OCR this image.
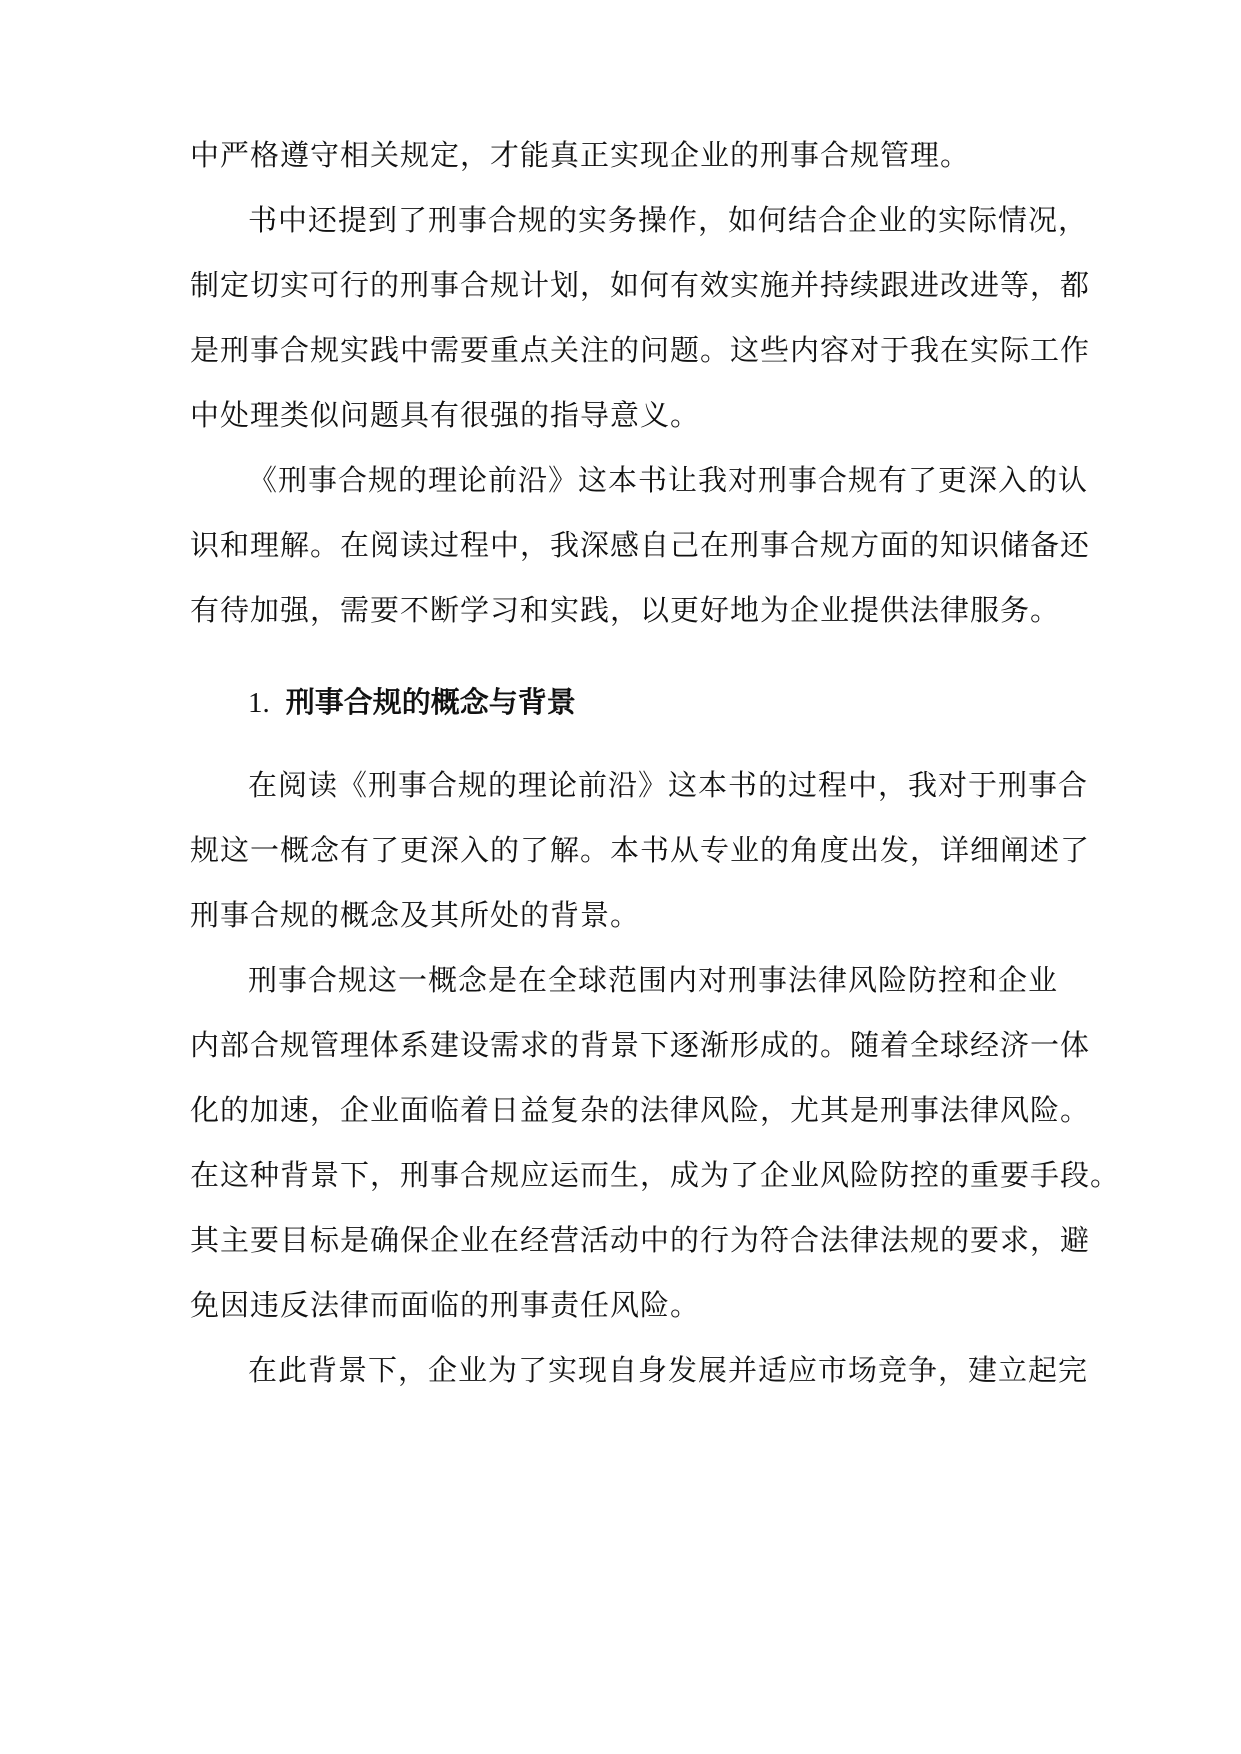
中严格遵守相关规定，才能真正实现企业的刑事合规管理。
书中还提到了刑事合规的实务操作，如何结合企业的实际情况，
制定切实可行的刑事合规计划，如何有效实施并持续跟进改进等，都
是刑事合规实践中需要重点关注的问题。这些内容对于我在实际工作
中处理类似问题具有很强的指导意义。
《刑事合规的理论前沿》这本书让我对刑事合规有了更深入的认
识和理解。在阅读过程中，我深感自己在刑事合规方面的知识储备还
有待加强，需要不断学习和实践，以更好地为企业提供法律服务。
1. 刑事合规的概念与背景
在阅读《刑事合规的理论前沿》这本书的过程中，我对于刑事合
规这一概念有了更深入的了解。本书从专业的角度出发，详细阐述了
刑事合规的概念及其所处的背景。
刑事合规这一概念是在全球范围内对刑事法律风险防控和企业
内部合规管理体系建设需求的背景下逐渐形成的。随着全球经济一体
化的加速，企业面临着日益复杂的法律风险，尤其是刑事法律风险。
在这种背景下，刑事合规应运而生，成为了企业风险防控的重要手段。
其主要目标是确保企业在经营活动中的行为符合法律法规的要求，避
免因违反法律而面临的刑事责任风险。
在此背景下，企业为了实现自身发展并适应市场竞争，建立起完
